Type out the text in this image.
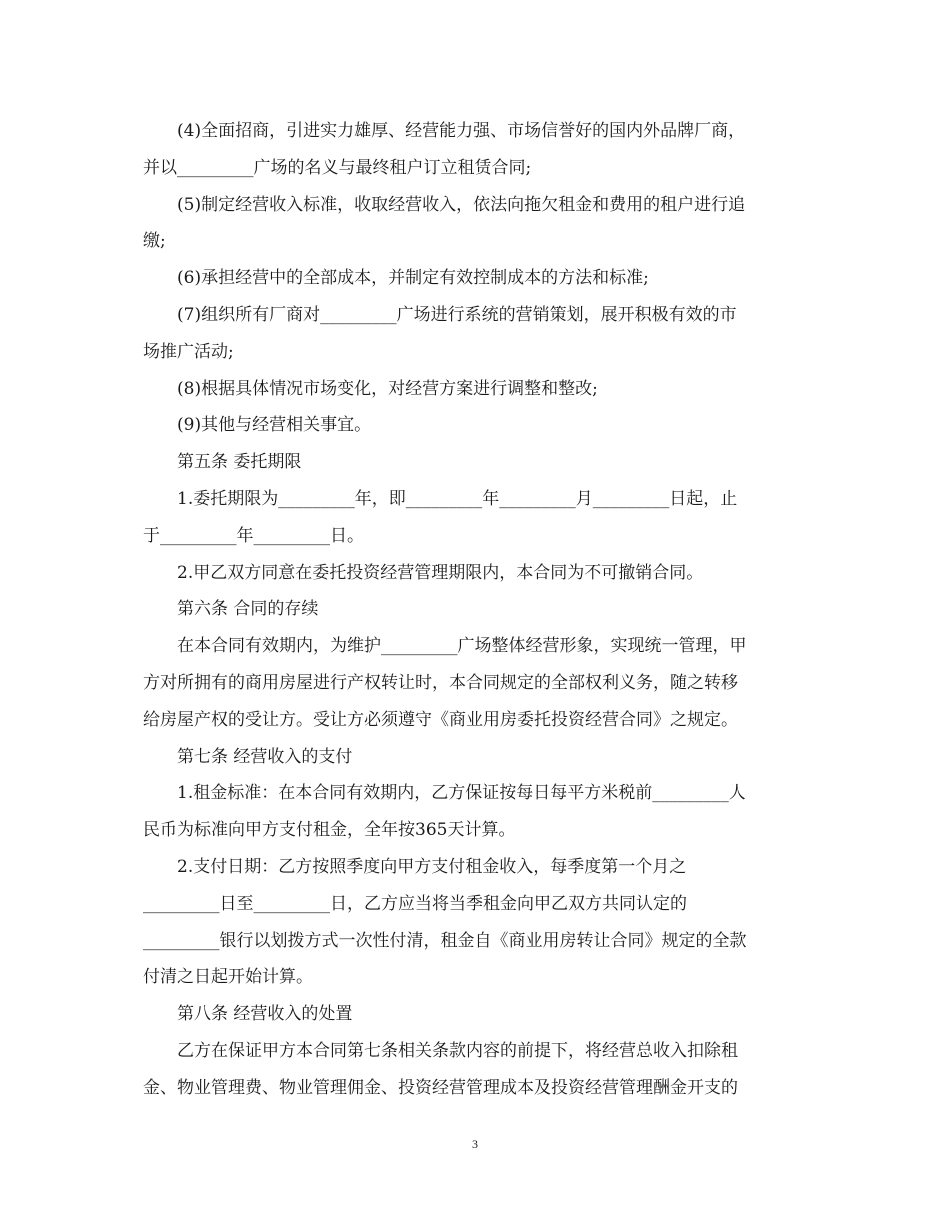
(4)全面招商，引进实力雄厚、经营能力强、市场信誉好的国内外品牌厂商，
并以_________广场的名义与最终租户订立租赁合同;
(5)制定经营收入标准，收取经营收入，依法向拖欠租金和费用的租户进行追
缴;
(6)承担经营中的全部成本，并制定有效控制成本的方法和标准;
(7)组织所有厂商对_________广场进行系统的营销策划，展开积极有效的市
场推广活动;
(8)根据具体情况市场变化，对经营方案进行调整和整改;
(9)其他与经营相关事宜。
第五条 委托期限
1.委托期限为_________年，即_________年_________月_________日起，止
于_________年_________日。
2.甲乙双方同意在委托投资经营管理期限内，本合同为不可撤销合同。
第六条 合同的存续
在本合同有效期内，为维护_________广场整体经营形象，实现统一管理，甲
方对所拥有的商用房屋进行产权转让时，本合同规定的全部权利义务，随之转移
给房屋产权的受让方。受让方必须遵守《商业用房委托投资经营合同》之规定。
第七条 经营收入的支付
1.租金标准：在本合同有效期内，乙方保证按每日每平方米税前_________人
民币为标准向甲方支付租金，全年按365天计算。
2.支付日期：乙方按照季度向甲方支付租金收入，每季度第一个月之
_________日至_________日，乙方应当将当季租金向甲乙双方共同认定的
_________银行以划拨方式一次性付清，租金自《商业用房转让合同》规定的全款
付清之日起开始计算。
第八条 经营收入的处置
乙方在保证甲方本合同第七条相关条款内容的前提下，将经营总收入扣除租
金、物业管理费、物业管理佣金、投资经营管理成本及投资经营管理酬金开支的
3
